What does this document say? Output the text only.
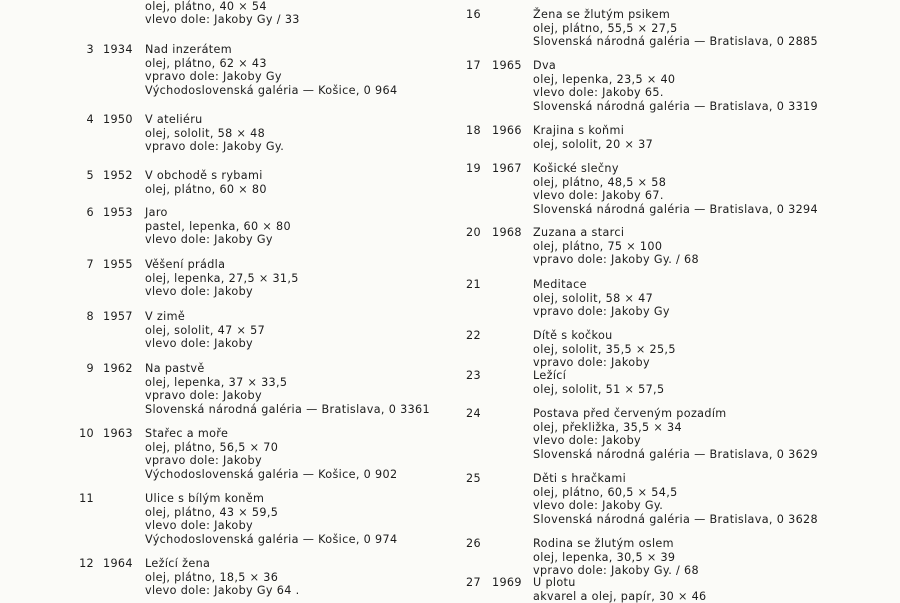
olej, plátno, 40 × 54
vlevo dole: Jakoby Gy / 33
3 1934 Nad inzerátem
olej, plátno, 62 × 43
vpravo dole: Jakoby Gy
Východoslovenská galéria — Košice, 0 964
4 1950 V ateliéru
olej, sololit, 58 × 48
vpravo dole: Jakoby Gy.
5 1952 V obchodě s rybami
olej, plátno, 60 × 80
6 1953 Jaro
pastel, lepenka, 60 × 80
vlevo dole: Jakoby Gy
7 1955 Věšení prádla
olej, lepenka, 27,5 × 31,5
vlevo dole: Jakoby
8 1957 V zimě
olej, sololit, 47 × 57
vlevo dole: Jakoby
9 1962 Na pastvě
olej, lepenka, 37 × 33,5
vpravo dole: Jakoby
Slovenská národná galéria — Bratislava, 0 3361
10 1963 Stařec a moře
olej, plátno, 56,5 × 70
vpravo dole: Jakoby
Východoslovenská galéria — Košice, 0 902
11	Ulice s bílým koněm
olej, plátno, 43 × 59,5
vlevo dole: Jakoby
Východoslovenská galéria — Košice, 0 974
12 1964 Ležící žena
olej, plátno, 18,5 × 36
vlevo dole: Jakoby Gy 64 .
16	Žena se žlutým psikem
olej, plátno, 55,5 × 27,5
Slovenská národná galéria — Bratislava, 0 2885
17 1965 Dva
olej, lepenka, 23,5 × 40
vlevo dole: Jakoby 65.
Slovenská národná galéria — Bratislava, 0 3319
18 1966 Krajina s koňmi
olej, sololit, 20 × 37
19 1967 Košické slečny
olej, plátno, 48,5 × 58
vlevo dole: Jakoby 67.
Slovenská národná galéria — Bratislava, 0 3294
20 1968 Zuzana a starci
olej, plátno, 75 × 100
vpravo dole: Jakoby Gy. / 68
21	Meditace
olej, sololit, 58 × 47
vpravo dole: Jakoby Gy
22	Dítě s kočkou
olej, sololit, 35,5 × 25,5
vpravo dole: Jakoby
23	Ležící
olej, sololit, 51 × 57,5
24	Postava před červeným pozadím
olej, překližka, 35,5 × 34
vlevo dole: Jakoby
Slovenská národná galéria — Bratislava, 0 3629
25	Děti s hračkami
olej, plátno, 60,5 × 54,5
vlevo dole: Jakoby Gy.
Slovenská národná galéria — Bratislava, 0 3628
26	Rodina se žlutým oslem
olej, lepenka, 30,5 × 39
vpravo dole: Jakoby Gy. / 68
27 1969 U plotu
akvarel a olej, papír, 30 × 46
